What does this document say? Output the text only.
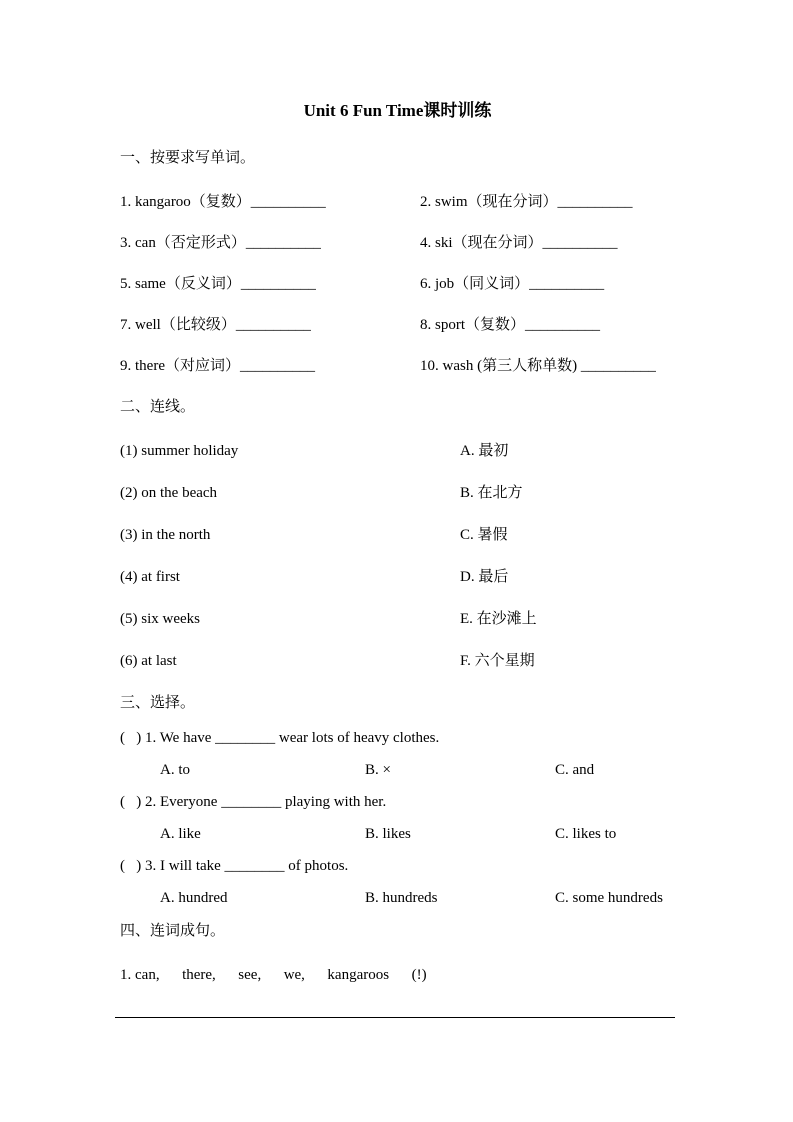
Unit 6 Fun Time课时训练
一、按要求写单词。
1. kangaroo（复数）__________	2. swim（现在分词）__________
3. can（否定形式）__________	4. ski（现在分词）__________
5. same（反义词）__________	6. job（同义词）__________
7. well（比较级）__________	8. sport（复数）__________
9. there（对应词）__________	10. wash (第三人称单数) __________
二、连线。
(1) summer holiday	A. 最初
(2) on the beach	B. 在北方
(3) in the north	C. 暑假
(4) at first	D. 最后
(5) six weeks	E. 在沙滩上
(6) at last	F. 六个星期
三、选择。
(   ) 1. We have ________ wear lots of heavy clothes.
A. to	B. ×	C. and
(   ) 2. Everyone ________ playing with her.
A. like	B. likes	C. likes to
(   ) 3. I will take ________ of photos.
A. hundred	B. hundreds	C. some hundreds
四、连词成句。
1. can,      there,      see,      we,      kangaroos      (!)
